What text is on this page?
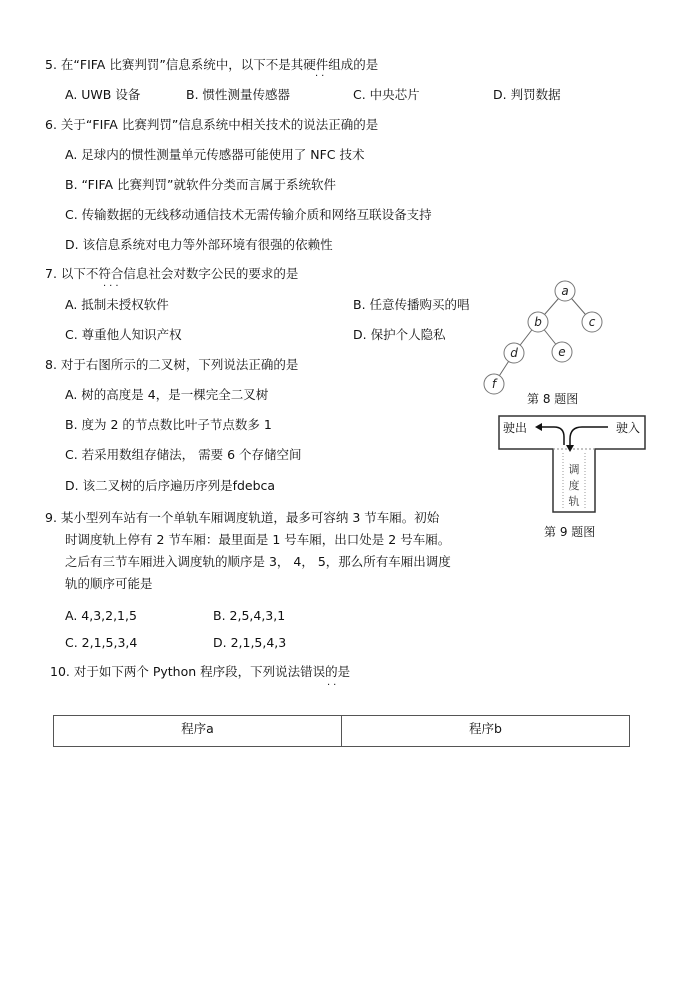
5. 在“FIFA 比赛判罚”信息系统中，以下不是其硬件组成的是
··
A. UWB 设备	B. 惯性测量传感器	C. 中央芯片	D. 判罚数据
6. 关于“FIFA 比赛判罚”信息系统中相关技术的说法正确的是
A. 足球内的惯性测量单元传感器可能使用了 NFC 技术
B. “FIFA 比赛判罚”就软件分类而言属于系统软件
C. 传输数据的无线移动通信技术无需传输介质和网络互联设备支持
D. 该信息系统对电力等外部环境有很强的依赖性
7. 以下不符合信息社会对数字公民的要求的是
···
A. 抵制未授权软件	B. 任意传播购买的唱
C. 尊重他人知识产权	D. 保护个人隐私
8. 对于右图所示的二叉树，下列说法正确的是
A. 树的高度是 4，是一棵完全二叉树
B. 度为 2 的节点数比叶子节点数多 1
C. 若采用数组存储法， 需要 6 个存储空间
D. 该二叉树的后序遍历序列是fdebca
a
b	c
d	e
f
第 8 题图
驶出	驶入
调
度
轨
第 9 题图
9. 某小型列车站有一个单轨车厢调度轨道，最多可容纳 3 节车厢。初始
时调度轨上停有 2 节车厢：最里面是 1 号车厢，出口处是 2 号车厢。
之后有三节车厢进入调度轨的顺序是 3， 4， 5，那么所有车厢出调度
轨的顺序可能是
A. 4,3,2,1,5	B. 2,5,4,3,1
C. 2,1,5,3,4	D. 2,1,5,4,3
10. 对于如下两个 Python 程序段，下列说法错误的是
··
程序a	程序b
